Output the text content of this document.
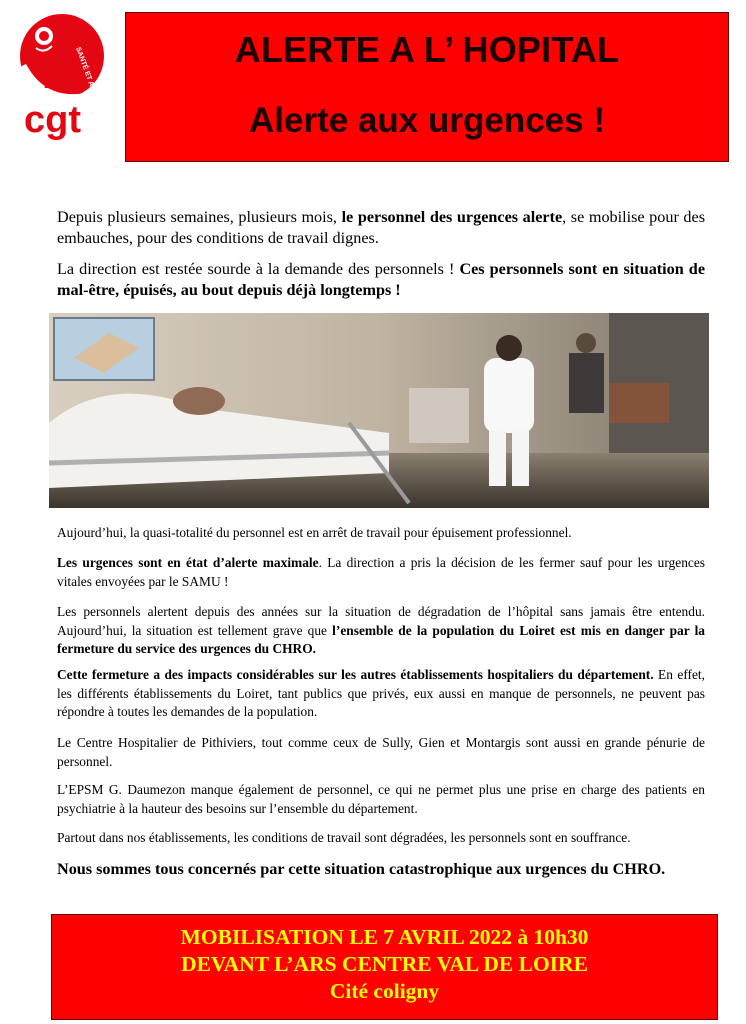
SANTÉ ET ACTION SOCIALE
la
cgt
ALERTE A L’ HOPITAL
Alerte aux urgences !

Depuis plusieurs semaines, plusieurs mois, le personnel des urgences alerte, se mobilise pour des embauches, pour des conditions de travail dignes.

La direction est restée sourde à la demande des personnels ! Ces personnels sont en situation de mal-être, épuisés, au bout depuis déjà longtemps !

Aujourd’hui, la quasi-totalité du personnel est en arrêt de travail pour épuisement professionnel.

Les urgences sont en état d’alerte maximale. La direction a pris la décision de les fermer sauf pour les urgences vitales envoyées par le SAMU !

Les personnels alertent depuis des années sur la situation de dégradation de l’hôpital sans jamais être entendu. Aujourd’hui, la situation est tellement grave que l’ensemble de la population du Loiret est mis en danger par la fermeture du service des urgences du CHRO.

Cette fermeture a des impacts considérables sur les autres établissements hospitaliers du département. En effet, les différents établissements du Loiret, tant publics que privés, eux aussi en manque de personnels, ne peuvent pas répondre à toutes les demandes de la population.

Le Centre Hospitalier de Pithiviers, tout comme ceux de Sully, Gien et Montargis sont aussi en grande pénurie de personnel.

L’EPSM G. Daumezon manque également de personnel, ce qui ne permet plus une prise en charge des patients en psychiatrie à la hauteur des besoins sur l’ensemble du département.

Partout dans nos établissements, les conditions de travail sont dégradées, les personnels sont en souffrance.

Nous sommes tous concernés par cette situation catastrophique aux urgences du CHRO.

MOBILISATION LE 7 AVRIL 2022 à 10h30
DEVANT L’ARS CENTRE VAL DE LOIRE
Cité coligny
